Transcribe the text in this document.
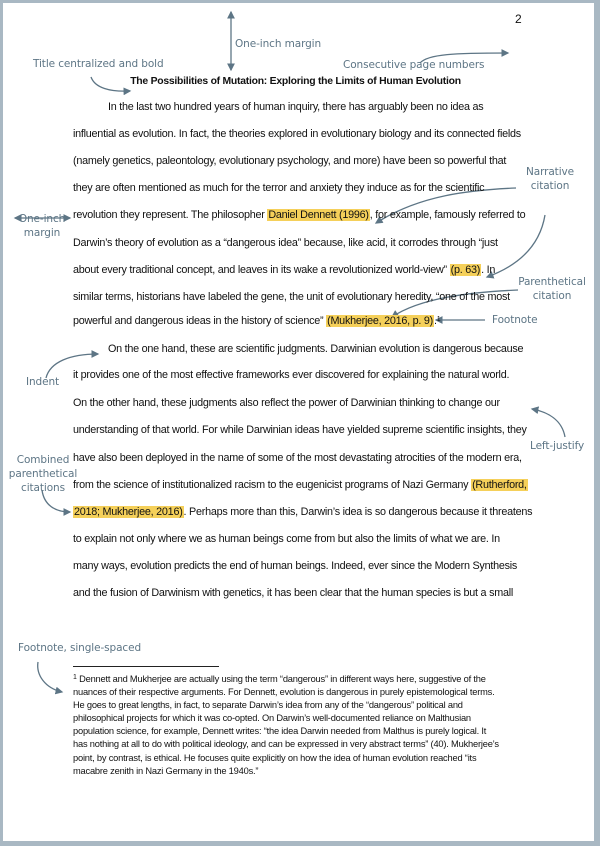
Title centralized and bold
One-inch margin
Consecutive page numbers
Narrative
citation
One-inch
margin
Parenthetical
citation
Footnote
Indent
Left-justify
Combined
parenthetical
citations
Footnote, single-spaced
2
The Possibilities of Mutation: Exploring the Limits of Human Evolution
In the last two hundred years of human inquiry, there has arguably been no idea as
influential as evolution. In fact, the theories explored in evolutionary biology and its connected fields
(namely genetics, paleontology, evolutionary psychology, and more) have been so powerful that
they are often mentioned as much for the terror and anxiety they induce as for the scientific
revolution they represent. The philosopher Daniel Dennett (1996), for example, famously referred to
Darwin’s theory of evolution as a “dangerous idea” because, like acid, it corrodes through “just
about every traditional concept, and leaves in its wake a revolutionized world-view” (p. 63). In
similar terms, historians have labeled the gene, the unit of evolutionary heredity, “one of the most
powerful and dangerous ideas in the history of science” (Mukherjee, 2016, p. 9).$^1$
On the one hand, these are scientific judgments. Darwinian evolution is dangerous because
it provides one of the most effective frameworks ever discovered for explaining the natural world.
On the other hand, these judgments also reflect the power of Darwinian thinking to change our
understanding of that world. For while Darwinian ideas have yielded supreme scientific insights, they
have also been deployed in the name of some of the most devastating atrocities of the modern era,
from the science of institutionalized racism to the eugenicist programs of Nazi Germany (Rutherford,
2018; Mukherjee, 2016). Perhaps more than this, Darwin’s idea is so dangerous because it threatens
to explain not only where we as human beings come from but also the limits of what we are. In
many ways, evolution predicts the end of human beings. Indeed, ever since the Modern Synthesis
and the fusion of Darwinism with genetics, it has been clear that the human species is but a small
$^1$ Dennett and Mukherjee are actually using the term “dangerous” in different ways here, suggestive of the
nuances of their respective arguments. For Dennett, evolution is dangerous in purely epistemological terms.
He goes to great lengths, in fact, to separate Darwin’s idea from any of the “dangerous” political and
philosophical projects for which it was co-opted. On Darwin’s well-documented reliance on Malthusian
population science, for example, Dennett writes: “the idea Darwin needed from Malthus is purely logical. It
has nothing at all to do with political ideology, and can be expressed in very abstract terms” (40). Mukherjee’s
point, by contrast, is ethical. He focuses quite explicitly on how the idea of human evolution reached “its
macabre zenith in Nazi Germany in the 1940s.”
